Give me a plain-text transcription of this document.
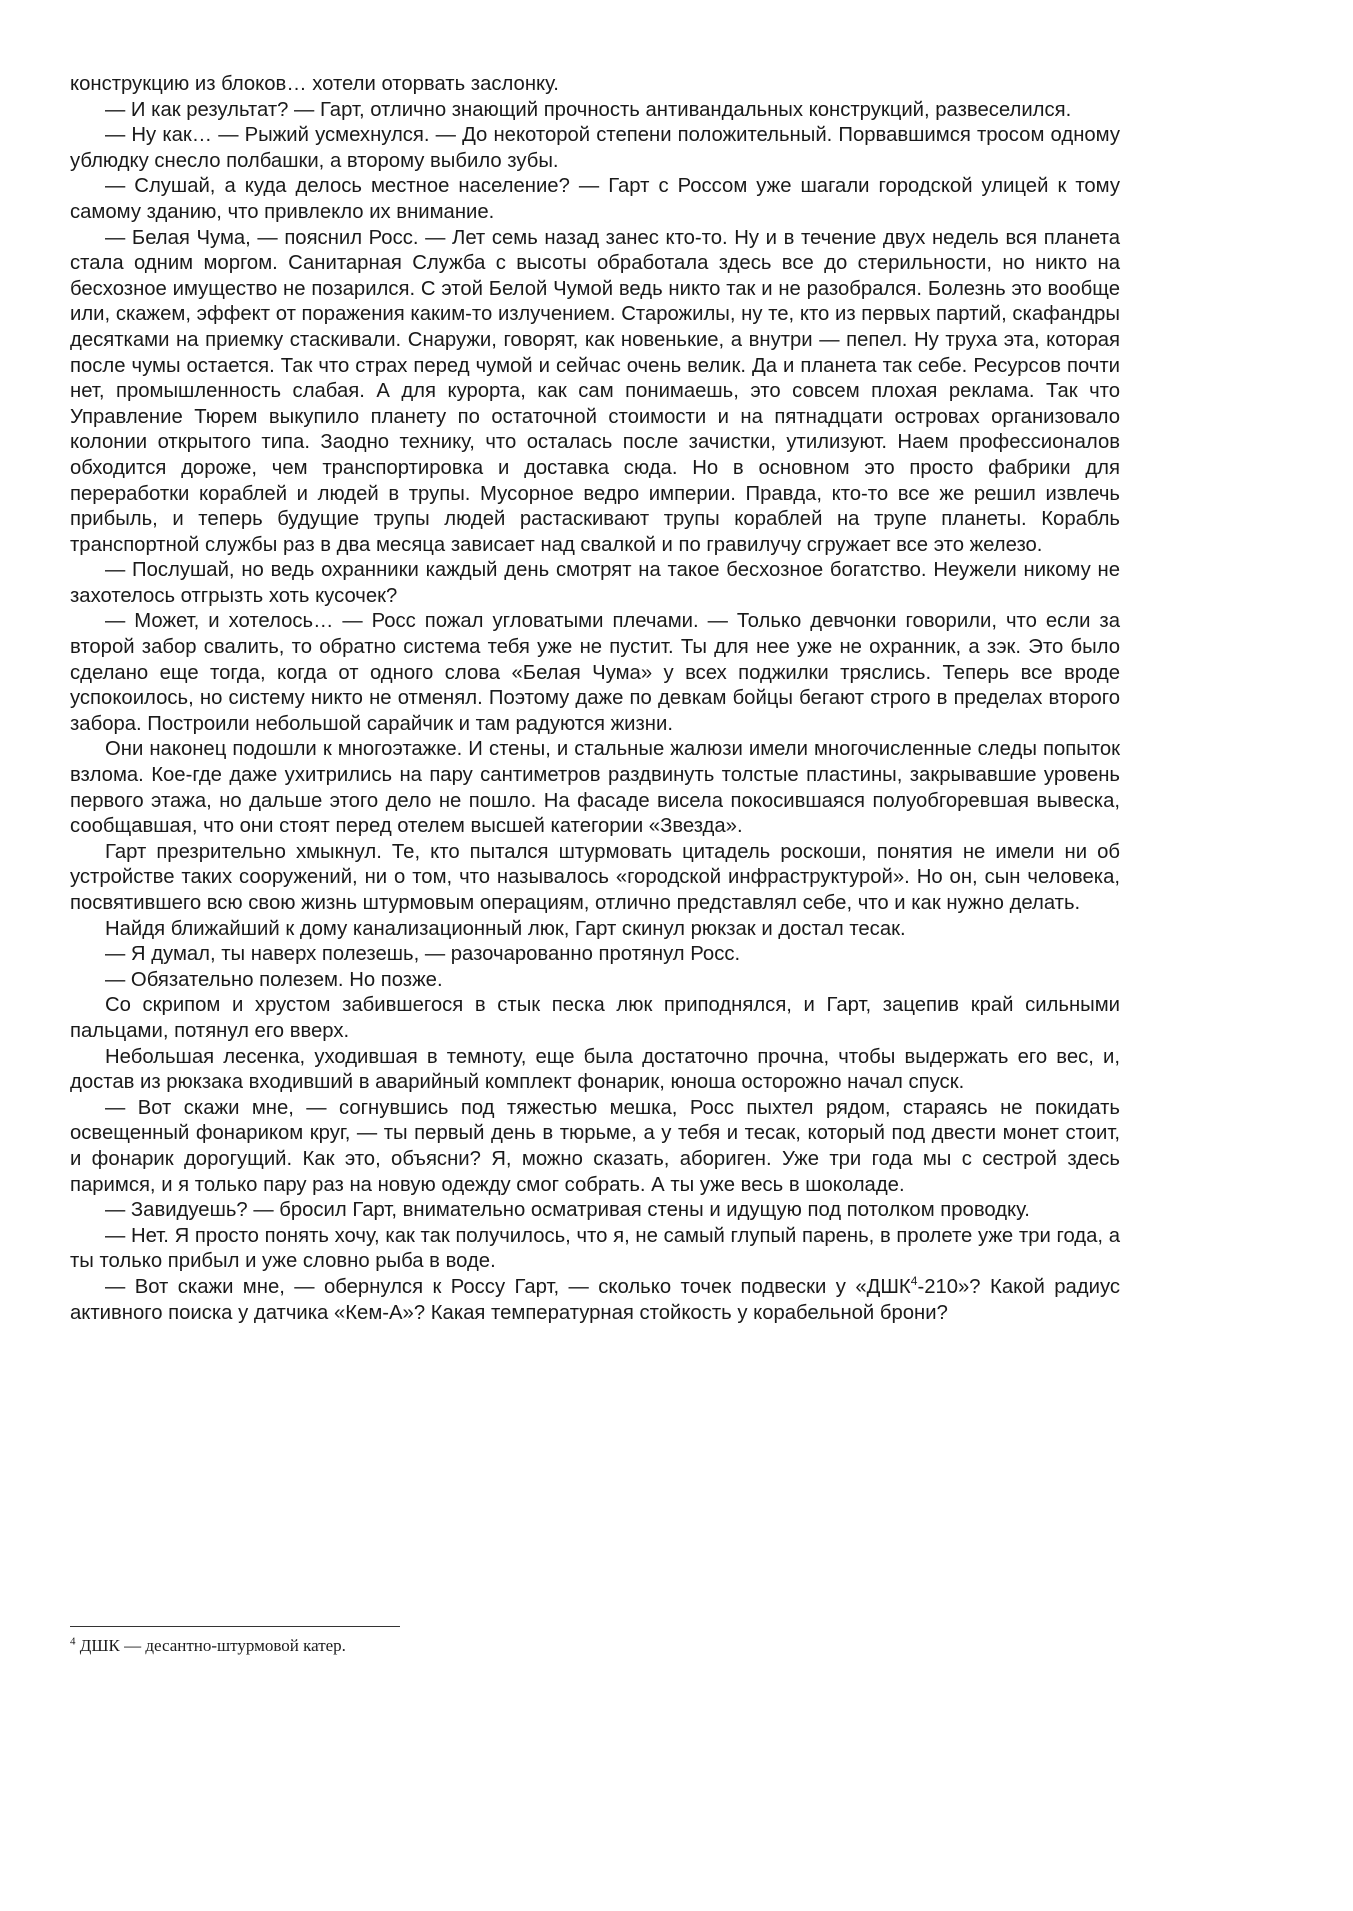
конструкцию из блоков… хотели оторвать заслонку.

— И как результат? — Гарт, отлично знающий прочность антивандальных конструкций, развеселился.

— Ну как… — Рыжий усмехнулся. — До некоторой степени положительный. Порвавшимся тросом одному ублюдку снесло полбашки, а второму выбило зубы.

— Слушай, а куда делось местное население? — Гарт с Россом уже шагали городской улицей к тому самому зданию, что привлекло их внимание.

— Белая Чума, — пояснил Росс. — Лет семь назад занес кто-то. Ну и в течение двух недель вся планета стала одним моргом. Санитарная Служба с высоты обработала здесь все до стерильности, но никто на бесхозное имущество не позарился. С этой Белой Чумой ведь никто так и не разобрался. Болезнь это вообще или, скажем, эффект от поражения каким-то излучением. Старожилы, ну те, кто из первых партий, скафандры десятками на приемку стаскивали. Снаружи, говорят, как новенькие, а внутри — пепел. Ну труха эта, которая после чумы остается. Так что страх перед чумой и сейчас очень велик. Да и планета так себе. Ресурсов почти нет, промышленность слабая. А для курорта, как сам понимаешь, это совсем плохая реклама. Так что Управление Тюрем выкупило планету по остаточной стоимости и на пятнадцати островах организовало колонии открытого типа. Заодно технику, что осталась после зачистки, утилизуют. Наем профессионалов обходится дороже, чем транспортировка и доставка сюда. Но в основном это просто фабрики для переработки кораблей и людей в трупы. Мусорное ведро империи. Правда, кто-то все же решил извлечь прибыль, и теперь будущие трупы людей растаскивают трупы кораблей на трупе планеты. Корабль транспортной службы раз в два месяца зависает над свалкой и по гравилучу сгружает все это железо.

— Послушай, но ведь охранники каждый день смотрят на такое бесхозное богатство. Неужели никому не захотелось отгрызть хоть кусочек?

— Может, и хотелось… — Росс пожал угловатыми плечами. — Только девчонки говорили, что если за второй забор свалить, то обратно система тебя уже не пустит. Ты для нее уже не охранник, а зэк. Это было сделано еще тогда, когда от одного слова «Белая Чума» у всех поджилки тряслись. Теперь все вроде успокоилось, но систему никто не отменял. Поэтому даже по девкам бойцы бегают строго в пределах второго забора. Построили небольшой сарайчик и там радуются жизни.

Они наконец подошли к многоэтажке. И стены, и стальные жалюзи имели многочисленные следы попыток взлома. Кое-где даже ухитрились на пару сантиметров раздвинуть толстые пластины, закрывавшие уровень первого этажа, но дальше этого дело не пошло. На фасаде висела покосившаяся полуобгоревшая вывеска, сообщавшая, что они стоят перед отелем высшей категории «Звезда».

Гарт презрительно хмыкнул. Те, кто пытался штурмовать цитадель роскоши, понятия не имели ни об устройстве таких сооружений, ни о том, что называлось «городской инфраструктурой». Но он, сын человека, посвятившего всю свою жизнь штурмовым операциям, отлично представлял себе, что и как нужно делать.

Найдя ближайший к дому канализационный люк, Гарт скинул рюкзак и достал тесак.

— Я думал, ты наверх полезешь, — разочарованно протянул Росс.

— Обязательно полезем. Но позже.

Со скрипом и хрустом забившегося в стык песка люк приподнялся, и Гарт, зацепив край сильными пальцами, потянул его вверх.

Небольшая лесенка, уходившая в темноту, еще была достаточно прочна, чтобы выдержать его вес, и, достав из рюкзака входивший в аварийный комплект фонарик, юноша осторожно начал спуск.

— Вот скажи мне, — согнувшись под тяжестью мешка, Росс пыхтел рядом, стараясь не покидать освещенный фонариком круг, — ты первый день в тюрьме, а у тебя и тесак, который под двести монет стоит, и фонарик дорогущий. Как это, объясни? Я, можно сказать, абориген. Уже три года мы с сестрой здесь паримся, и я только пару раз на новую одежду смог собрать. А ты уже весь в шоколаде.

— Завидуешь? — бросил Гарт, внимательно осматривая стены и идущую под потолком проводку.

— Нет. Я просто понять хочу, как так получилось, что я, не самый глупый парень, в пролете уже три года, а ты только прибыл и уже словно рыба в воде.

— Вот скажи мне, — обернулся к Россу Гарт, — сколько точек подвески у «ДШК$^4$-210»? Какой радиус активного поиска у датчика «Кем-А»? Какая температурная стойкость у корабельной брони?

$^4$ ДШК — десантно-штурмовой катер.
